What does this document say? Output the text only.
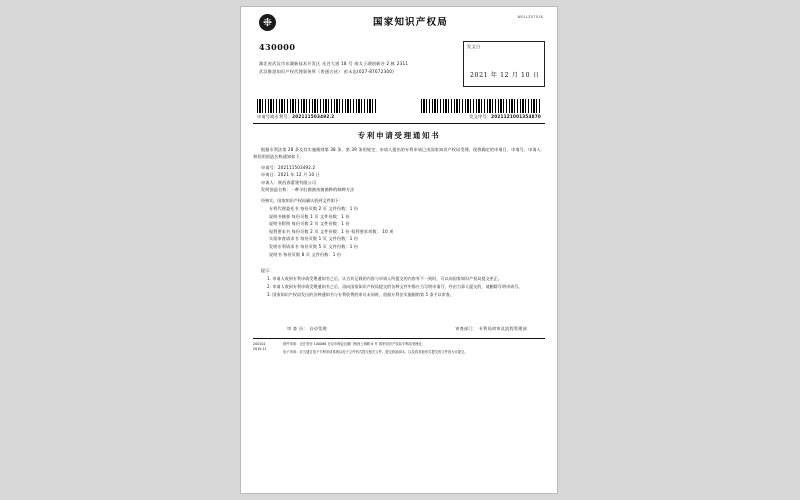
❉	国家知识产权局	WGLLZ07018
430000
湖北省武汉市东湖新技术开发区 光谷大道 18 号 南太子湖创新谷 2 栋 2311
武汉维思知识产权代理事务所（普通合伙） 彭永忠(027-87672300)
发文日
2021 年 12 月 10 日
申请号或专利号：202111503492.2	发文序号：2021121001354870
专利申请受理通知书
根据专利法第 28 条及其实施细则第 38 条、第 39 条的规定，申请人提出的专利申请已由国家知识产权局受理。现将确定的申请日、申请号、申请人和发明创造名称通知如下。
申请号：202111503492.2
申请日：2021 年 12 月 10 日
申请人：陕西春蕾建有限公司
发明创造名称：一种羊肚菌菌丝菌菌种的制种方法
经核实，国家知识产权局确认收到文件如下：
专利代理委托书 每份页数 2 页 文件份数：1 份
说明书摘要 每份页数 1 页 文件份数：1 份
说明书附图 每份页数 2 页 文件份数：1 份
权利要求书 每份页数 2 页 文件份数：1 份 权利要求项数： 10 项
实质审查请求书 每份页数 1 页 文件份数：1 份
发明专利请求书 每份页数 5 页 文件份数：1 份
说明书 每份页数 8 页 文件份数：1 份
提示：
1. 申请人收到专利申请受理通知书之后，认为其记载的内容与申请人所提交的内容有不一致时，可以向国家知识产权局提交更正。
2. 申请人收到专利申请受理通知书之后，再向国家知识产权局提交的各种文件中都应当写明申请号、经由当事人提交的，请删除写明申请号。
3. 国家知识产权局发出的各种通知书与专利收费的审议未同时，依据专利法实施细则第 5 条予以审查。
审 查 员： 自动受理	审查部门： 专利局初审及流程管理部
200101
2019.11
纸件申请：正在寄至 100088 北京市海淀区蓟门桥西土城路 6 号 国家知识产权局专利局受理处
电子申请：应当通过电子专利申请系统以电子文件形式提交相关文件。提交纸质副本，以及将其他形式提交的文件视为未提交。
